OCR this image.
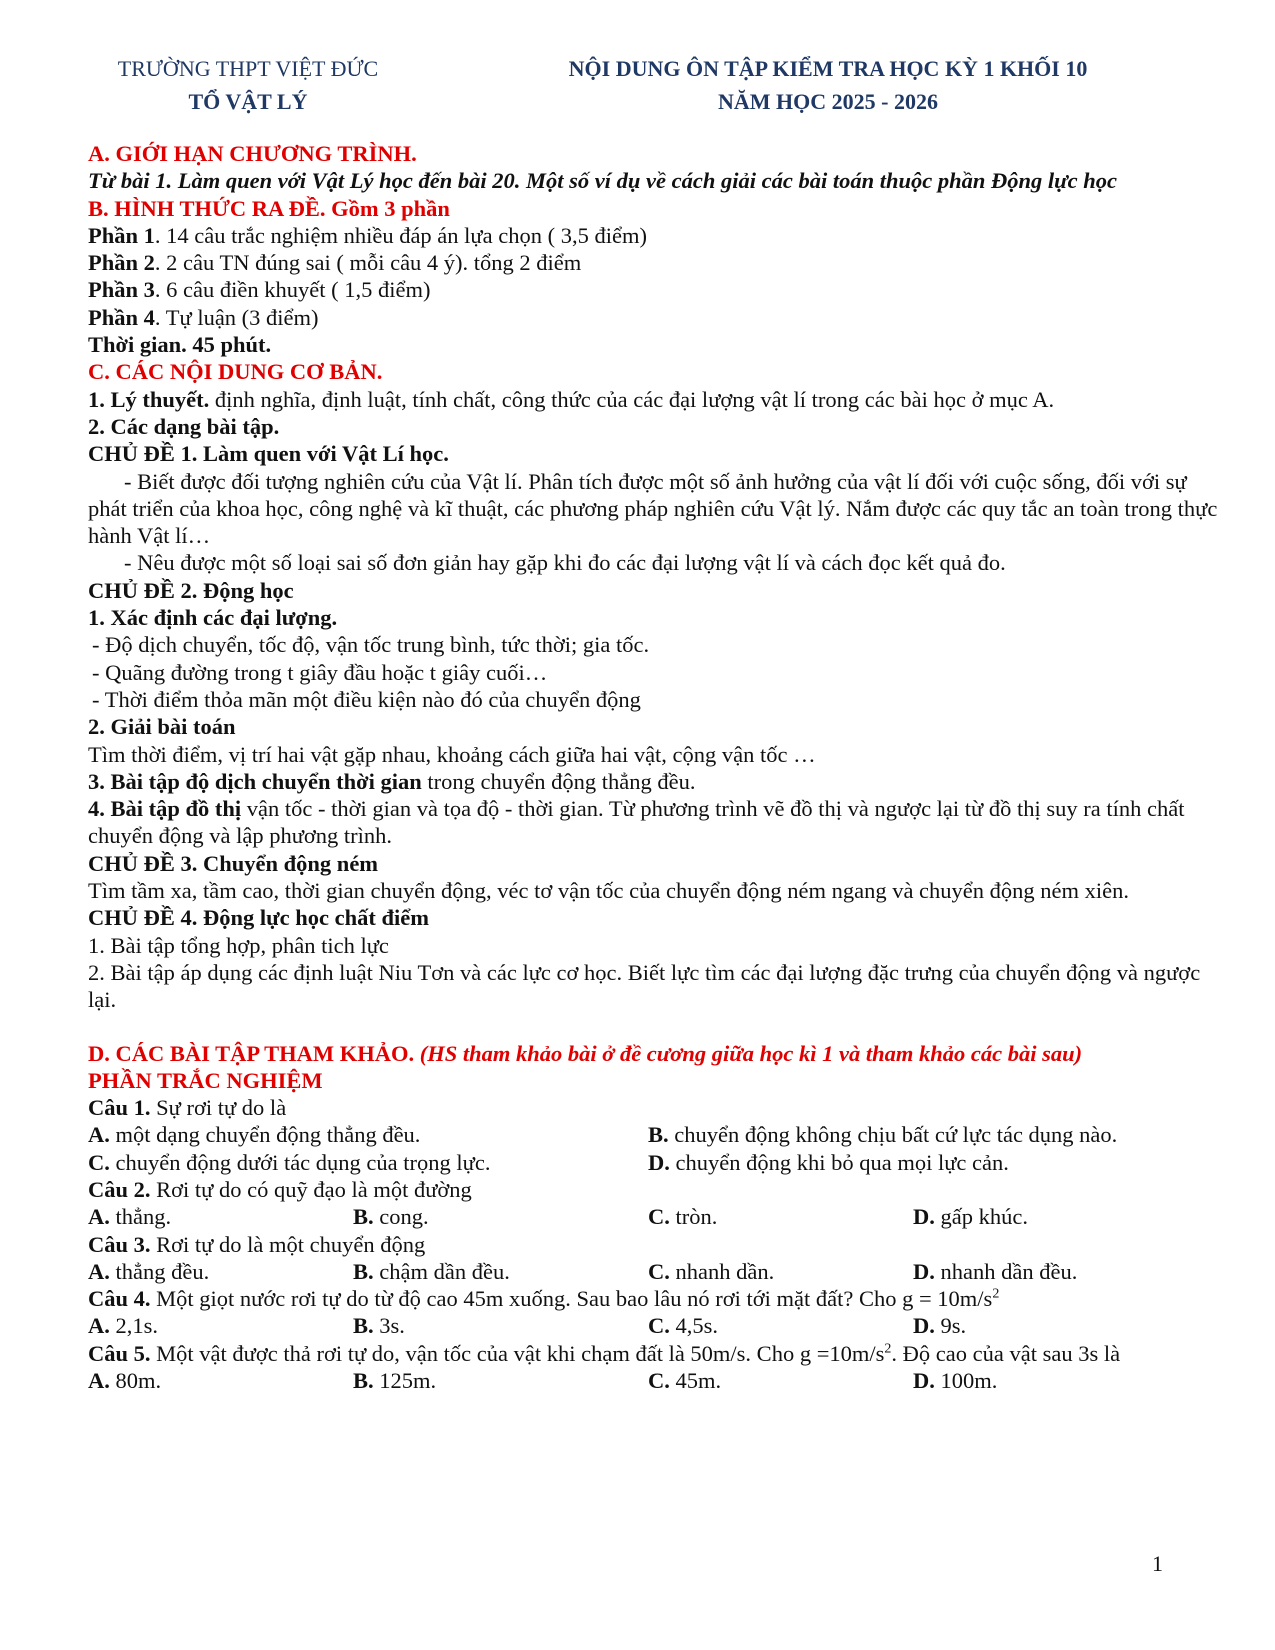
TRƯỜNG THPT VIỆT ĐỨC
TỔ VẬT LÝ
NỘI DUNG ÔN TẬP KIỂM TRA HỌC KỲ 1 KHỐI 10
NĂM HỌC 2025 - 2026

A. GIỚI HẠN CHƯƠNG TRÌNH.

Từ bài 1. Làm quen với Vật Lý học đến bài 20. Một số ví dụ về cách giải các bài toán thuộc phần Động lực học

B. HÌNH THỨC RA ĐỀ. Gồm 3 phần

Phần 1. 14 câu trắc nghiệm nhiều đáp án lựa chọn ( 3,5 điểm)

Phần 2. 2 câu TN đúng sai ( mỗi câu 4 ý). tổng 2 điểm

Phần 3. 6 câu điền khuyết ( 1,5 điểm)

Phần 4. Tự luận (3 điểm)

Thời gian. 45 phút.

C. CÁC NỘI DUNG CƠ BẢN.

1. Lý thuyết. định nghĩa, định luật, tính chất, công thức của các đại lượng vật lí trong các bài học ở mục A.

2. Các dạng bài tập.

CHỦ ĐỀ 1. Làm quen với Vật Lí học.

- Biết được đối tượng nghiên cứu của Vật lí. Phân tích được một số ảnh hưởng của vật lí đối với cuộc sống, đối với sự phát triển của khoa học, công nghệ và kĩ thuật, các phương pháp nghiên cứu Vật lý. Nắm được các quy tắc an toàn trong thực hành Vật lí…

- Nêu được một số loại sai số đơn giản hay gặp khi đo các đại lượng vật lí và cách đọc kết quả đo.

CHỦ ĐỀ 2. Động học

1. Xác định các đại lượng.

- Độ dịch chuyển, tốc độ, vận tốc trung bình, tức thời; gia tốc.

- Quãng đường trong t giây đầu hoặc t giây cuối…

- Thời điểm thỏa mãn một điều kiện nào đó của chuyển động

2. Giải bài toán

Tìm thời điểm, vị trí hai vật gặp nhau, khoảng cách giữa hai vật, cộng vận tốc …

3. Bài tập độ dịch chuyển thời gian trong chuyển động thẳng đều.

4. Bài tập đồ thị vận tốc - thời gian và tọa độ - thời gian. Từ phương trình vẽ đồ thị và ngược lại từ đồ thị suy ra tính chất chuyển động và lập phương trình.

CHỦ ĐỀ 3. Chuyển động ném

Tìm tầm xa, tầm cao, thời gian chuyển động, véc tơ vận tốc của chuyển động ném ngang và chuyển động ném xiên.

CHỦ ĐỀ 4. Động lực học chất điểm

1. Bài tập tổng hợp, phân tich lực

2. Bài tập áp dụng các định luật Niu Tơn và các lực cơ học. Biết lực tìm các đại lượng đặc trưng của chuyển động và ngược lại.

D. CÁC BÀI TẬP THAM KHẢO. (HS tham khảo bài ở đề cương giữa học kì 1 và tham khảo các bài sau)

PHẦN TRẮC NGHIỆM

Câu 1. Sự rơi tự do là

A. một dạng chuyển động thẳng đều.	B. chuyển động không chịu bất cứ lực tác dụng nào.
C. chuyển động dưới tác dụng của trọng lực.	D. chuyển động khi bỏ qua mọi lực cản.

Câu 2. Rơi tự do có quỹ đạo là một đường

A. thẳng.	B. cong.	C. tròn.	D. gấp khúc.

Câu 3. Rơi tự do là một chuyển động

A. thẳng đều.	B. chậm dần đều.	C. nhanh dần.	D. nhanh dần đều.

Câu 4. Một giọt nước rơi tự do từ độ cao 45m xuống. Sau bao lâu nó rơi tới mặt đất? Cho $g = 10m/s^2$

A. 2,1s.	B. 3s.	C. 4,5s.	D. 9s.

Câu 5. Một vật được thả rơi tự do, vận tốc của vật khi chạm đất là 50m/s. Cho $g =10m/s^2$. Độ cao của vật sau 3s là

A. 80m.	B. 125m.	C. 45m.	D. 100m.
1
